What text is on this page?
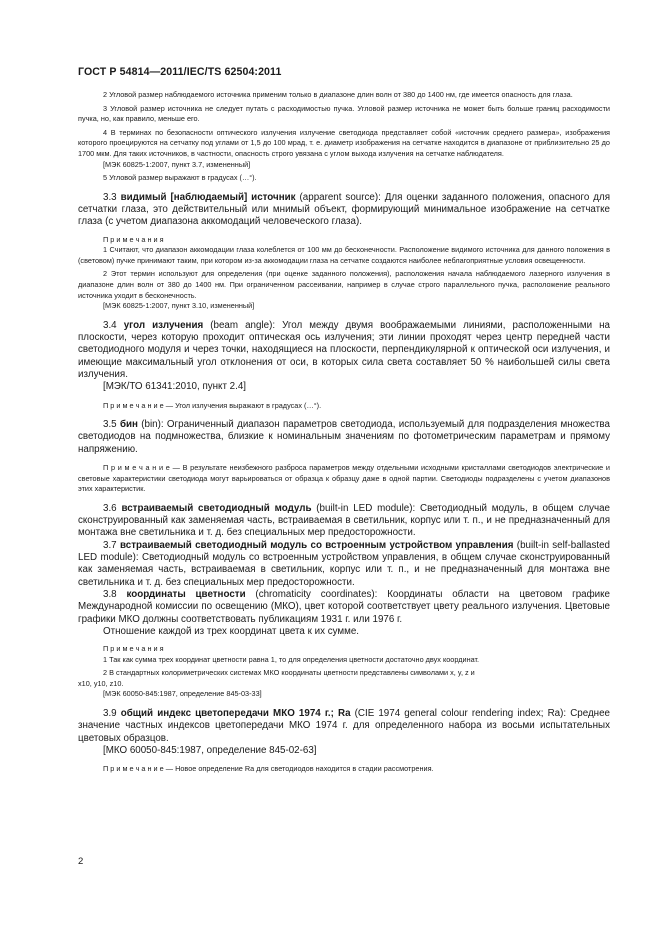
ГОСТ Р 54814—2011/IEC/TS 62504:2011

2 Угловой размер наблюдаемого источника применим только в диапазоне длин волн от 380 до 1400 нм, где имеется опасность для глаза.

3 Угловой размер источника не следует путать с расходимостью пучка. Угловой размер источника не может быть больше границ расходимости пучка, но, как правило, меньше его.

4 В терминах по безопасности оптического излучения излучение светодиода представляет собой «источник среднего размера», изображения которого проецируются на сетчатку под углами от 1,5 до 100 мрад, т. е. диаметр изображения на сетчатке находится в диапазоне от приблизительно 25 до 1700 мкм. Для таких источников, в частности, опасность строго увязана с углом выхода излучения на сетчатке наблюдателя.

[МЭК 60825-1:2007, пункт 3.7, измененный]

5 Угловой размер выражают в градусах (…°).

3.3 видимый [наблюдаемый] источник (apparent source): Для оценки заданного положения, опасного для сетчатки глаза, это действительный или мнимый объект, формирующий минимальное изображение на сетчатке глаза (с учетом диапазона аккомодаций человеческого глаза).

П р и м е ч а н и я

1 Считают, что диапазон аккомодации глаза колеблется от 100 мм до бесконечности. Расположение видимого источника для данного положения в (световом) пучке принимают таким, при котором из-за аккомодации глаза на сетчатке создаются наиболее неблагоприятные условия освещенности.

2 Этот термин используют для определения (при оценке заданного положения), расположения начала наблюдаемого лазерного излучения в диапазоне длин волн от 380 до 1400 нм. При ограниченном рассеивании, например в случае строго параллельного пучка, расположение реального источника уходит в бесконечность.

[МЭК 60825-1:2007, пункт 3.10, измененный]

3.4 угол излучения (beam angle): Угол между двумя воображаемыми линиями, расположенными на плоскости, через которую проходит оптическая ось излучения; эти линии проходят через центр передней части светодиодного модуля и через точки, находящиеся на плоскости, перпендикулярной к оптической оси излучения, и имеющие максимальный угол отклонения от оси, в которых сила света составляет 50 % наибольшей силы света излучения.

[МЭК/ТО 61341:2010, пункт 2.4]

П р и м е ч а н и е — Угол излучения выражают в градусах (…°).

3.5 бин (bin): Ограниченный диапазон параметров светодиода, используемый для подразделения множества светодиодов на подмножества, близкие к номинальным значениям по фотометрическим параметрам и прямому напряжению.

П р и м е ч а н и е — В результате неизбежного разброса параметров между отдельными исходными кристаллами светодиодов электрические и световые характеристики светодиода могут варьироваться от образца к образцу даже в одной партии. Светодиоды подразделены с учетом диапазонов этих характеристик.

3.6 встраиваемый светодиодный модуль (built-in LED module): Светодиодный модуль, в общем случае сконструированный как заменяемая часть, встраиваемая в светильник, корпус или т. п., и не предназначенный для монтажа вне светильника и т. д. без специальных мер предосторожности.

3.7 встраиваемый светодиодный модуль со встроенным устройством управления (built-in self-ballasted LED module): Светодиодный модуль со встроенным устройством управления, в общем случае сконструированный как заменяемая часть, встраиваемая в светильник, корпус или т. п., и не предназначенный для монтажа вне светильника и т. д. без специальных мер предосторожности.

3.8 координаты цветности (chromaticity coordinates): Координаты области на цветовом графике Международной комиссии по освещению (МКО), цвет которой соответствует цвету реального излучения. Цветовые графики МКО должны соответствовать публикациям 1931 г. или 1976 г.

Отношение каждой из трех координат цвета к их сумме.

П р и м е ч а н и я

1 Так как сумма трех координат цветности равна 1, то для определения цветности достаточно двух координат.

2 В стандартных колориметрических системах МКО координаты цветности представлены символами x, y, z и

x10, y10, z10.

[МЭК 60050-845:1987, определение 845-03-33]

3.9 общий индекс цветопередачи МКО 1974 г.; Ra (CIE 1974 general colour rendering index; Ra): Среднее значение частных индексов цветопередачи МКО 1974 г. для определенного набора из восьми испытательных цветовых образцов.

[МКО 60050-845:1987, определение 845-02-63]

П р и м е ч а н и е — Новое определение Ra для светодиодов находится в стадии рассмотрения.

2
